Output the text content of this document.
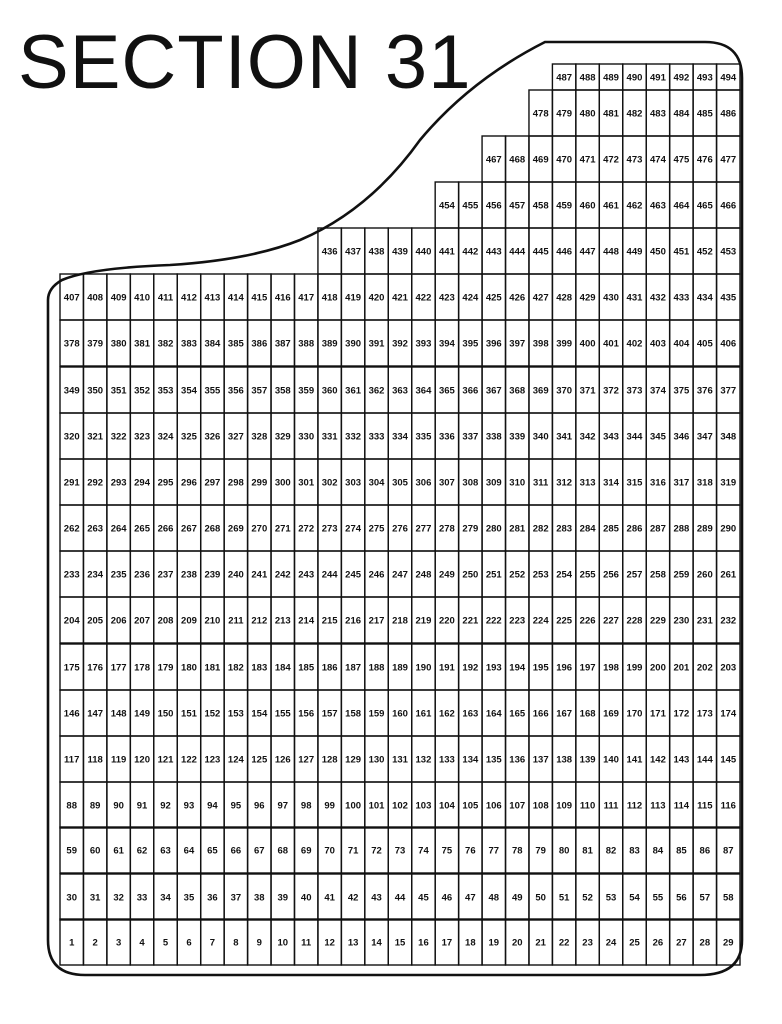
SECTION 31
1 2 3 4 5 6 7 8 9 10 11 12 13 14 15 16 17 18 19 20 21 22 23 24 25 26 27 28 29
30 31 32 33 34 35 36 37 38 39 40 41 42 43 44 45 46 47 48 49 50 51 52 53 54 55 56 57 58
59 60 61 62 63 64 65 66 67 68 69 70 71 72 73 74 75 76 77 78 79 80 81 82 83 84 85 86 87
88 89 90 91 92 93 94 95 96 97 98 99 100 101 102 103 104 105 106 107 108 109 110 111 112 113 114 115 116
117 118 119 120 121 122 123 124 125 126 127 128 129 130 131 132 133 134 135 136 137 138 139 140 141 142 143 144 145
146 147 148 149 150 151 152 153 154 155 156 157 158 159 160 161 162 163 164 165 166 167 168 169 170 171 172 173 174
175 176 177 178 179 180 181 182 183 184 185 186 187 188 189 190 191 192 193 194 195 196 197 198 199 200 201 202 203
204 205 206 207 208 209 210 211 212 213 214 215 216 217 218 219 220 221 222 223 224 225 226 227 228 229 230 231 232
233 234 235 236 237 238 239 240 241 242 243 244 245 246 247 248 249 250 251 252 253 254 255 256 257 258 259 260 261
262 263 264 265 266 267 268 269 270 271 272 273 274 275 276 277 278 279 280 281 282 283 284 285 286 287 288 289 290
291 292 293 294 295 296 297 298 299 300 301 302 303 304 305 306 307 308 309 310 311 312 313 314 315 316 317 318 319
320 321 322 323 324 325 326 327 328 329 330 331 332 333 334 335 336 337 338 339 340 341 342 343 344 345 346 347 348
349 350 351 352 353 354 355 356 357 358 359 360 361 362 363 364 365 366 367 368 369 370 371 372 373 374 375 376 377
378 379 380 381 382 383 384 385 386 387 388 389 390 391 392 393 394 395 396 397 398 399 400 401 402 403 404 405 406
407 408 409 410 411 412 413 414 415 416 417 418 419 420 421 422 423 424 425 426 427 428 429 430 431 432 433 434 435
436 437 438 439 440 441 442 443 444 445 446 447 448 449 450 451 452 453
454 455 456 457 458 459 460 461 462 463 464 465 466
467 468 469 470 471 472 473 474 475 476 477
478 479 480 481 482 483 484 485 486
487 488 489 490 491 492 493 494
